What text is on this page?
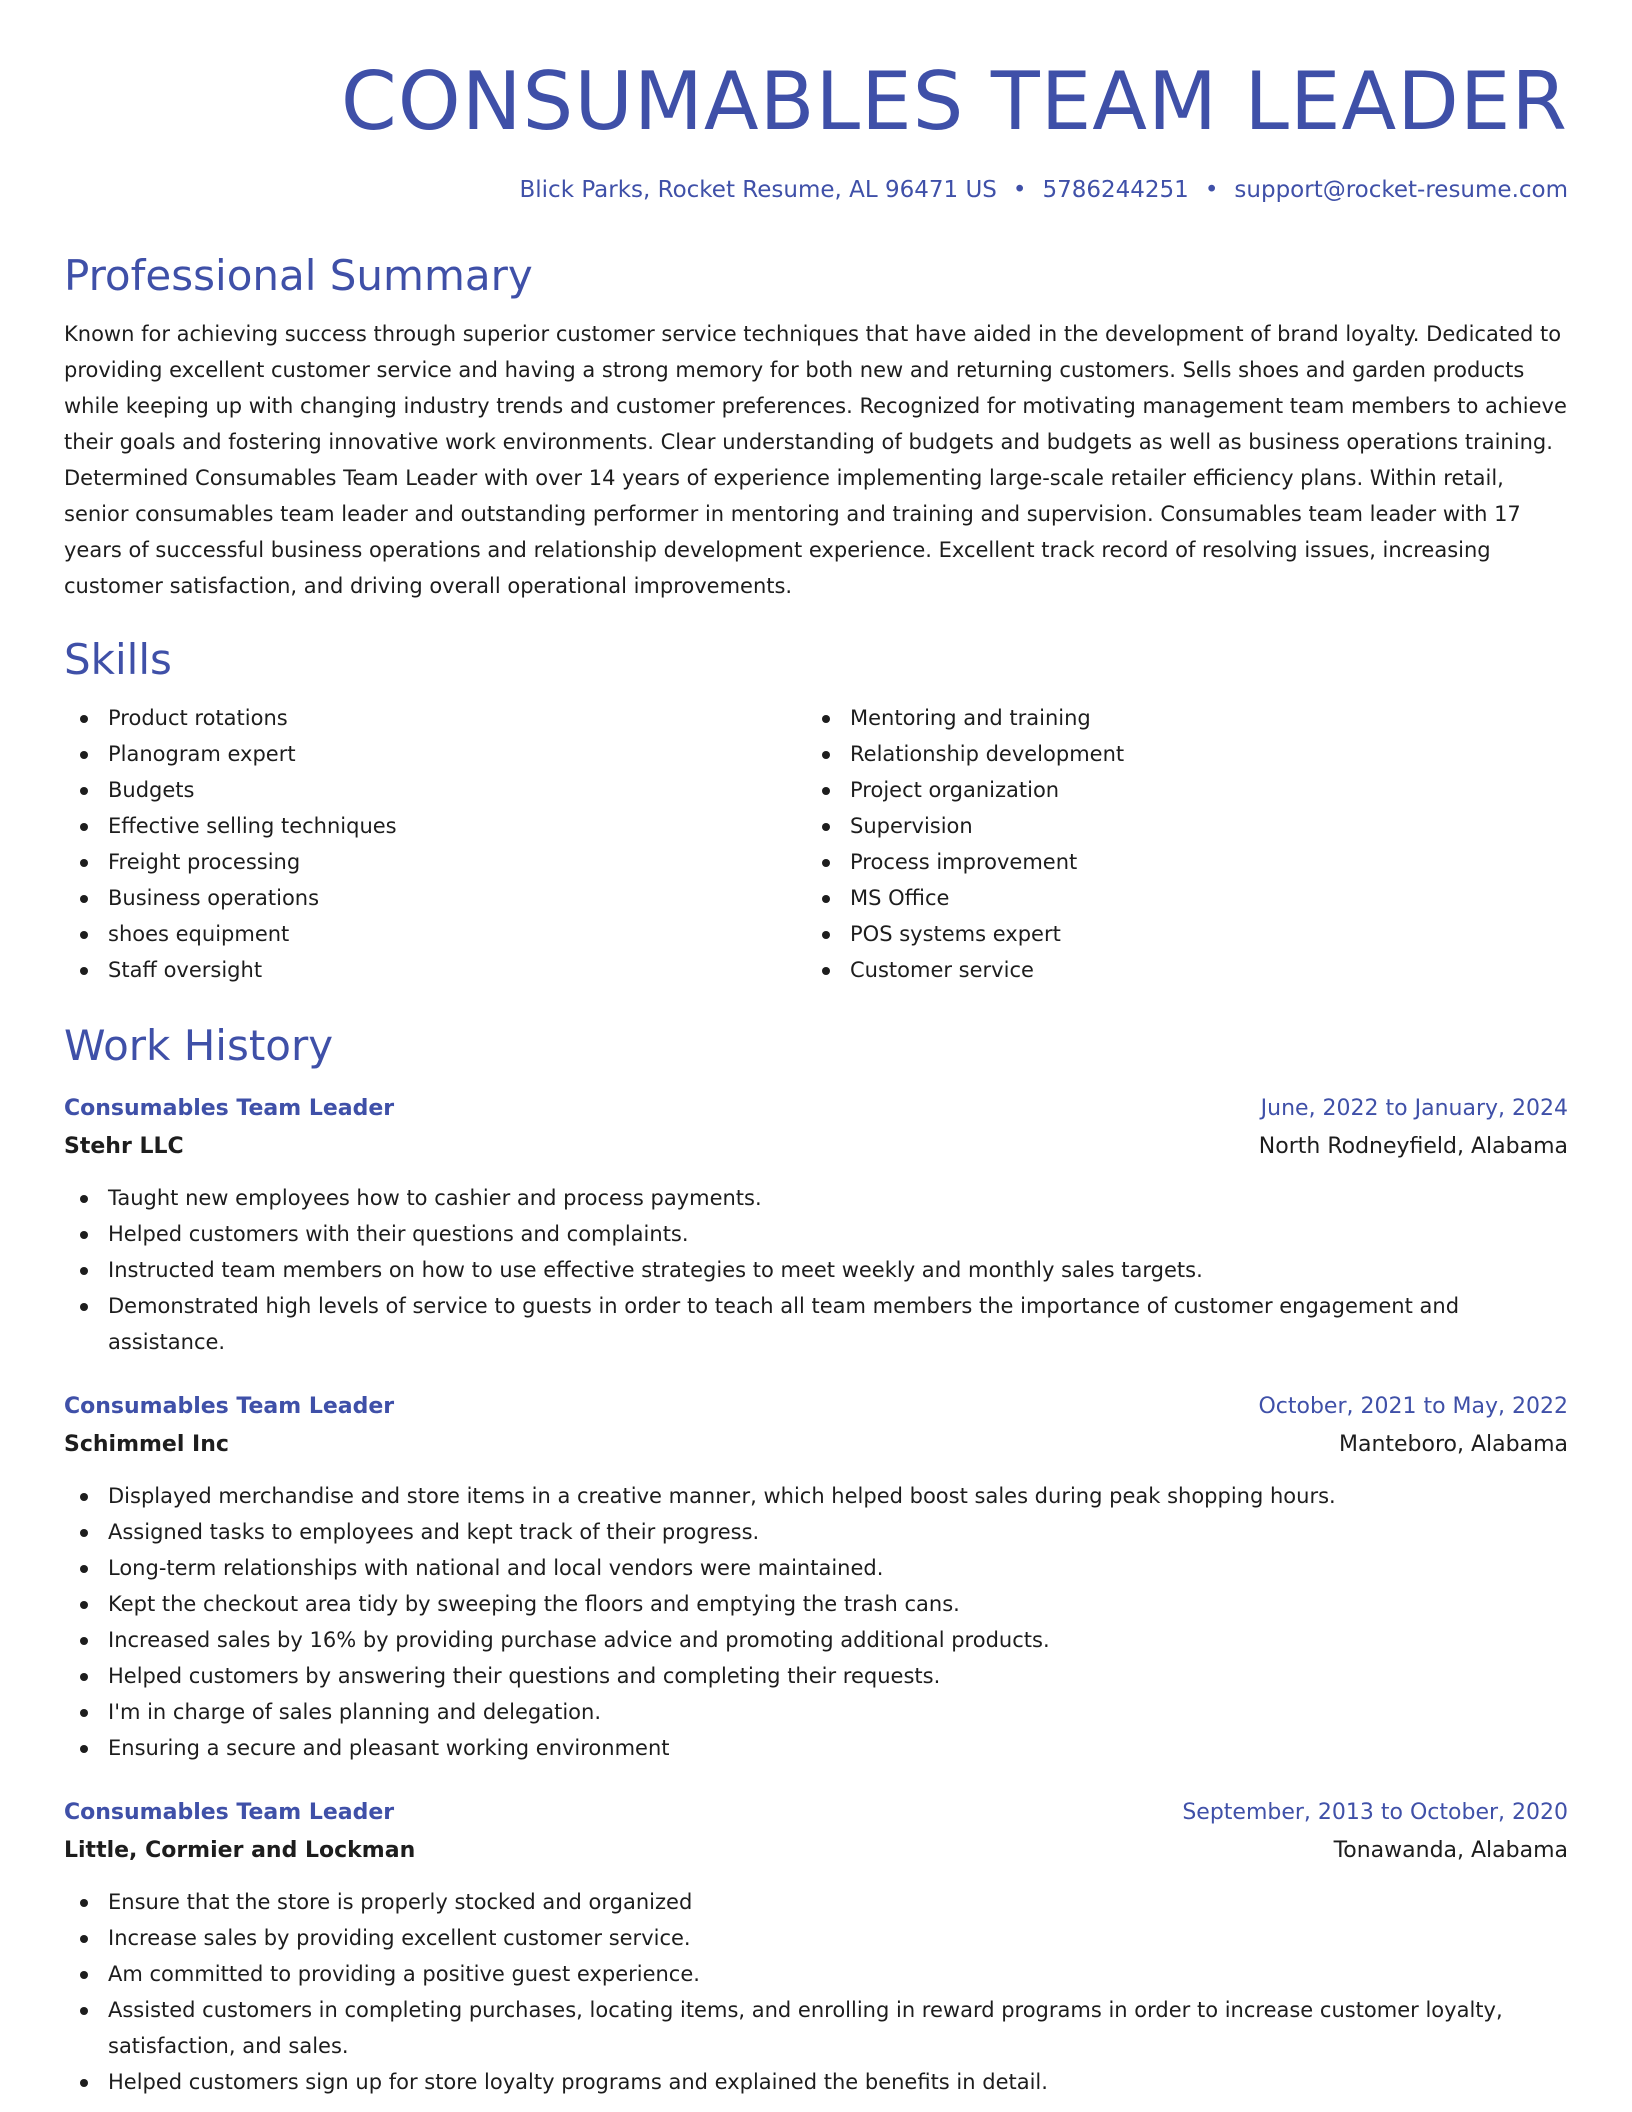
CONSUMABLES TEAM LEADER
Blick Parks, Rocket Resume, AL 96471 US • 5786244251 • support@rocket-resume.com
Professional Summary

Known for achieving success through superior customer service techniques that have aided in the development of brand loyalty. Dedicated to providing excellent customer service and having a strong memory for both new and returning customers. Sells shoes and garden products while keeping up with changing industry trends and customer preferences. Recognized for motivating management team members to achieve their goals and fostering innovative work environments. Clear understanding of budgets and budgets as well as business operations training. Determined Consumables Team Leader with over 14 years of experience implementing large-scale retailer efficiency plans. Within retail, senior consumables team leader and outstanding performer in mentoring and training and supervision. Consumables team leader with 17 years of successful business operations and relationship development experience. Excellent track record of resolving issues, increasing customer satisfaction, and driving overall operational improvements.

Skills
Product rotations
Planogram expert
Budgets
Effective selling techniques
Freight processing
Business operations
shoes equipment
Staff oversight
Mentoring and training
Relationship development
Project organization
Supervision
Process improvement
MS Office
POS systems expert
Customer service
Work History
Consumables Team Leader	June, 2022 to January, 2024
Stehr LLC	North Rodneyfield, Alabama
Taught new employees how to cashier and process payments.
Helped customers with their questions and complaints.
Instructed team members on how to use effective strategies to meet weekly and monthly sales targets.
Demonstrated high levels of service to guests in order to teach all team members the importance of customer engagement and assistance.
Consumables Team Leader	October, 2021 to May, 2022
Schimmel Inc	Manteboro, Alabama
Displayed merchandise and store items in a creative manner, which helped boost sales during peak shopping hours.
Assigned tasks to employees and kept track of their progress.
Long-term relationships with national and local vendors were maintained.
Kept the checkout area tidy by sweeping the floors and emptying the trash cans.
Increased sales by 16% by providing purchase advice and promoting additional products.
Helped customers by answering their questions and completing their requests.
I'm in charge of sales planning and delegation.
Ensuring a secure and pleasant working environment
Consumables Team Leader	September, 2013 to October, 2020
Little, Cormier and Lockman	Tonawanda, Alabama
Ensure that the store is properly stocked and organized
Increase sales by providing excellent customer service.
Am committed to providing a positive guest experience.
Assisted customers in completing purchases, locating items, and enrolling in reward programs in order to increase customer loyalty, satisfaction, and sales.
Helped customers sign up for store loyalty programs and explained the benefits in detail.
